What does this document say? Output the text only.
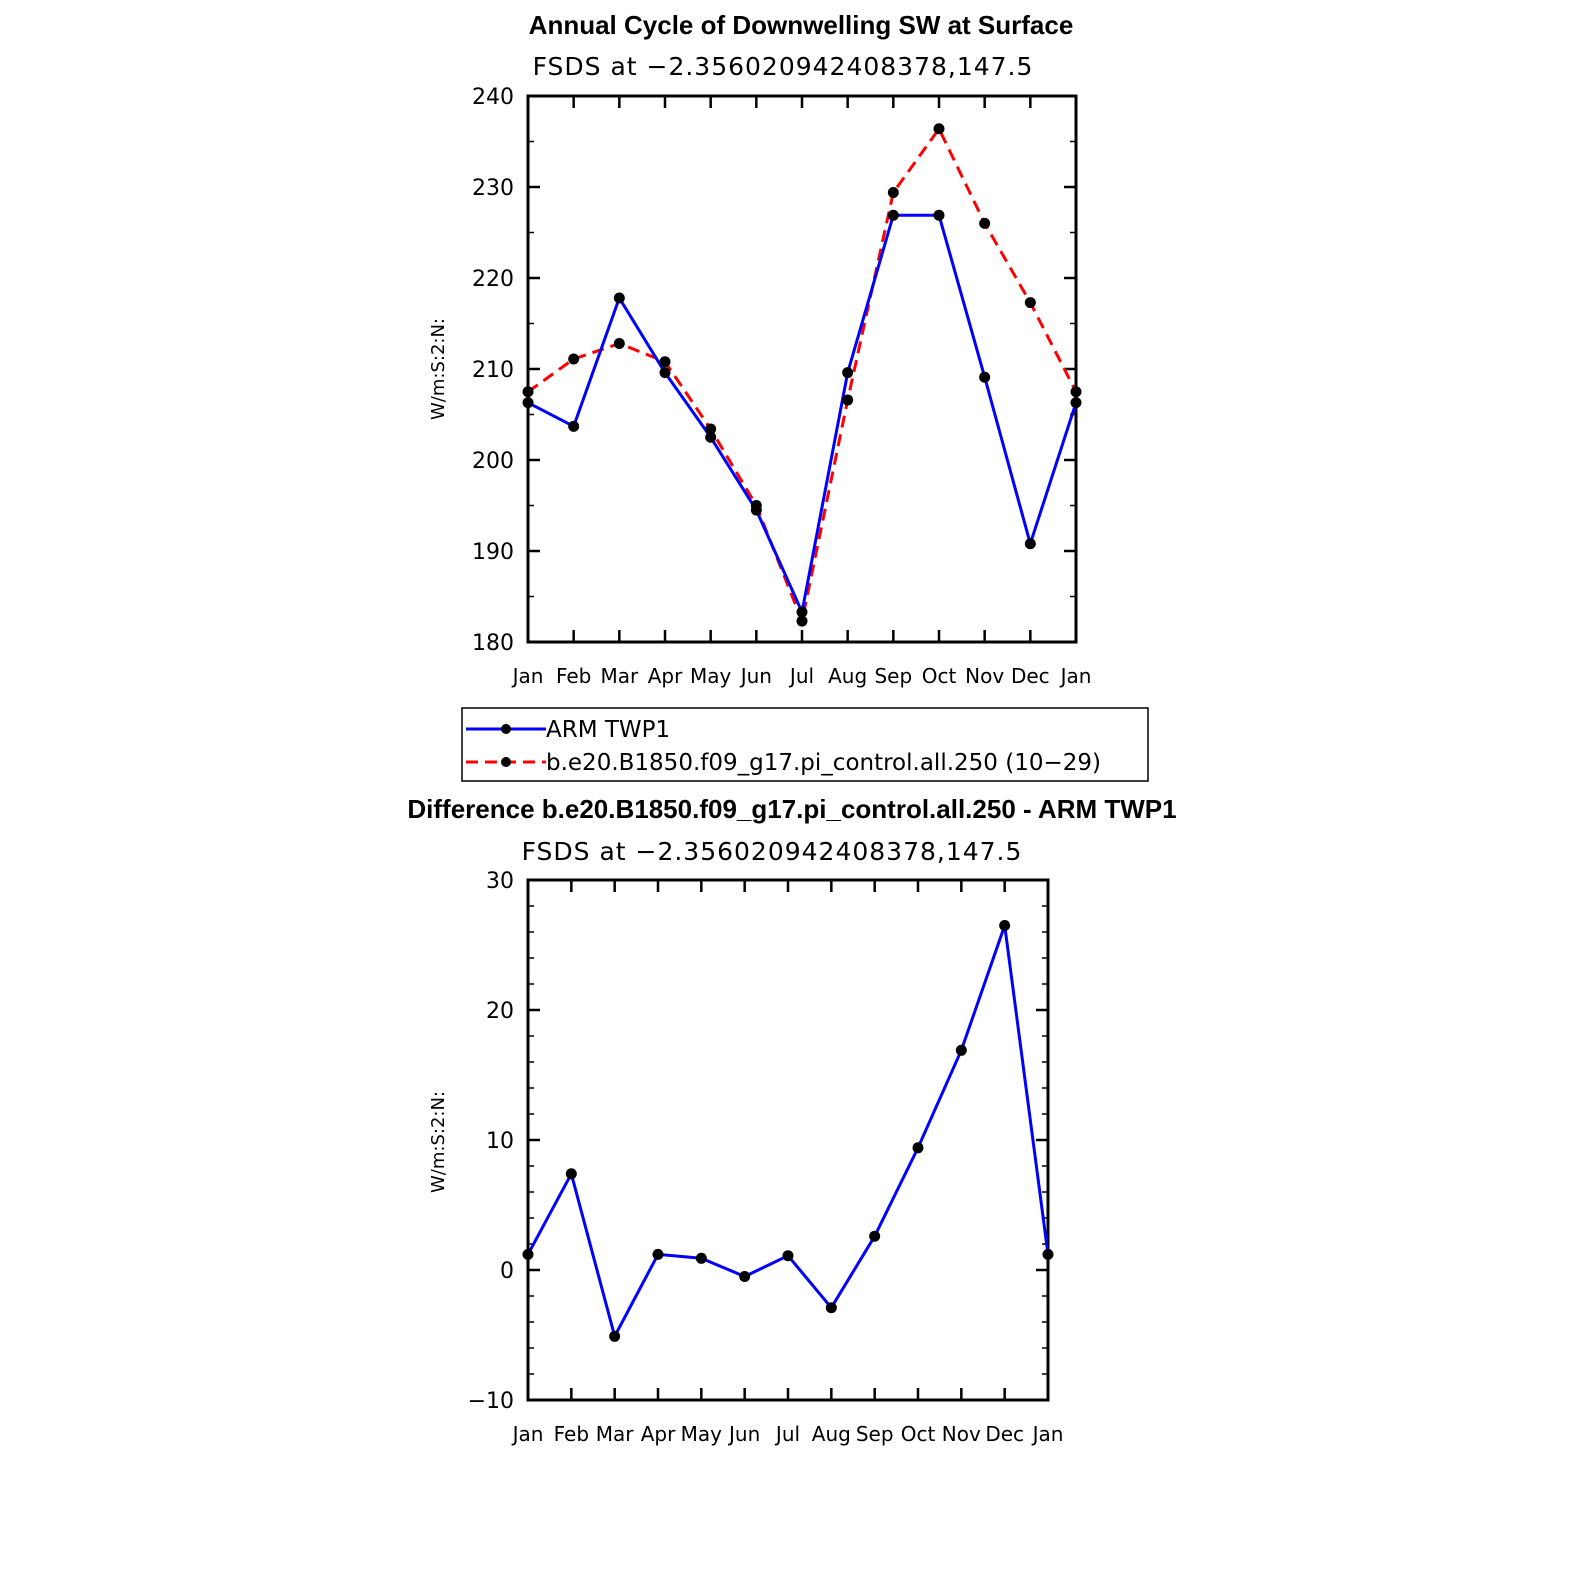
Annual Cycle of Downwelling SW at Surface
FSDS at −2.356020942408378,147.5
180
190
200
210
220
230
240
Jan Feb Mar Apr May Jun Jul Aug Sep Oct Nov Dec Jan
W/m:S:2:N:
ARM TWP1
b.e20.B1850.f09_g17.pi_control.all.250 (10−29)
Difference b.e20.B1850.f09_g17.pi_control.all.250 - ARM TWP1
FSDS at −2.356020942408378,147.5
−10
0
10
20
30
Jan Feb Mar Apr May Jun Jul Aug Sep Oct Nov Dec Jan
W/m:S:2:N:
